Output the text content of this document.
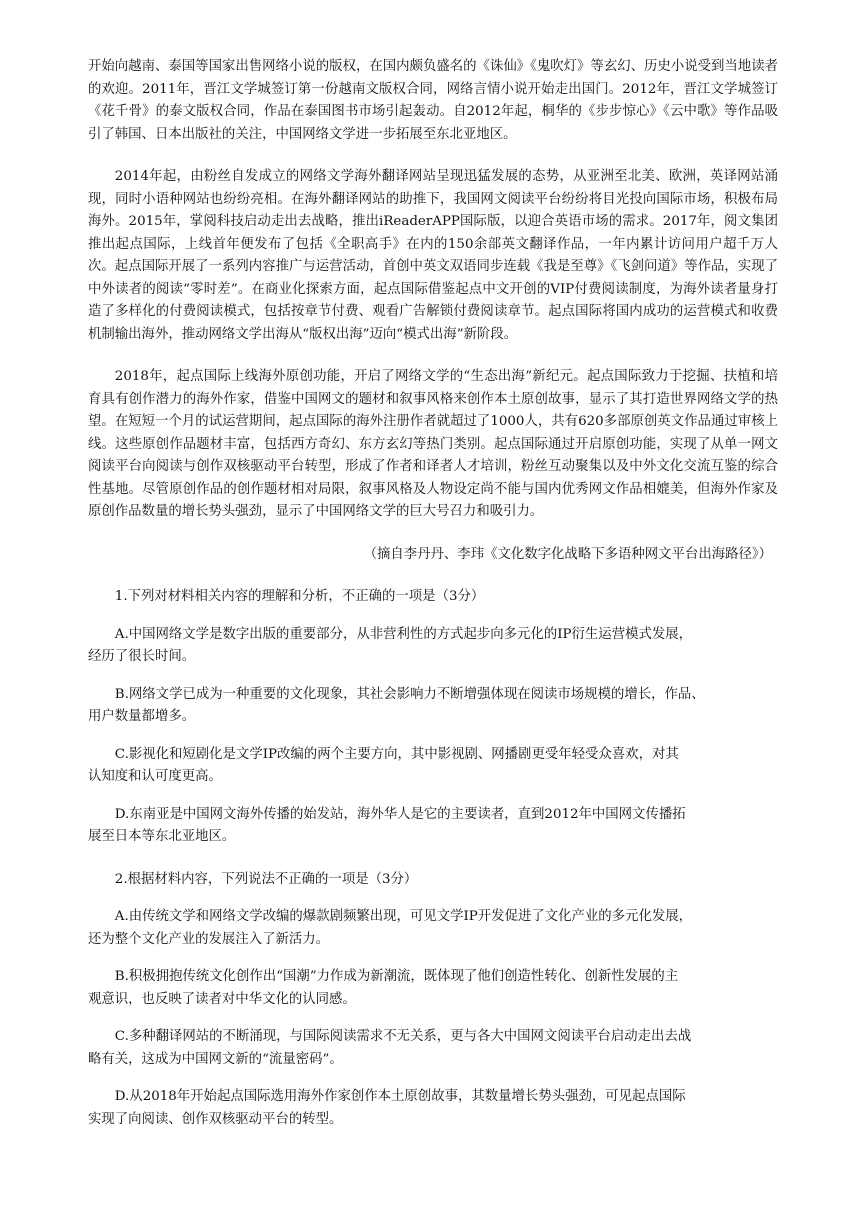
开始向越南、泰国等国家出售网络小说的版权，在国内颇负盛名的《诛仙》《鬼吹灯》等玄幻、历史小说受到当地读者的欢迎。2011年，晋江文学城签订第一份越南文版权合同，网络言情小说开始走出国门。2012年，晋江文学城签订《花千骨》的泰文版权合同，作品在泰国图书市场引起轰动。自2012年起，桐华的《步步惊心》《云中歌》等作品吸引了韩国、日本出版社的关注，中国网络文学进一步拓展至东北亚地区。

2014年起，由粉丝自发成立的网络文学海外翻译网站呈现迅猛发展的态势，从亚洲至北美、欧洲，英译网站涌现，同时小语种网站也纷纷亮相。在海外翻译网站的助推下，我国网文阅读平台纷纷将目光投向国际市场，积极布局海外。2015年，掌阅科技启动走出去战略，推出iReaderAPP国际版，以迎合英语市场的需求。2017年，阅文集团推出起点国际，上线首年便发布了包括《全职高手》在内的150余部英文翻译作品，一年内累计访问用户超千万人次。起点国际开展了一系列内容推广与运营活动，首创中英文双语同步连载《我是至尊》《飞剑问道》等作品，实现了中外读者的阅读“零时差”。在商业化探索方面，起点国际借鉴起点中文开创的VIP付费阅读制度，为海外读者量身打造了多样化的付费阅读模式，包括按章节付费、观看广告解锁付费阅读章节。起点国际将国内成功的运营模式和收费机制输出海外，推动网络文学出海从“版权出海”迈向“模式出海”新阶段。

2018年，起点国际上线海外原创功能，开启了网络文学的“生态出海”新纪元。起点国际致力于挖掘、扶植和培育具有创作潜力的海外作家，借鉴中国网文的题材和叙事风格来创作本土原创故事，显示了其打造世界网络文学的热望。在短短一个月的试运营期间，起点国际的海外注册作者就超过了1000人，共有620多部原创英文作品通过审核上线。这些原创作品题材丰富，包括西方奇幻、东方玄幻等热门类别。起点国际通过开启原创功能，实现了从单一网文阅读平台向阅读与创作双核驱动平台转型，形成了作者和译者人才培训，粉丝互动聚集以及中外文化交流互鉴的综合性基地。尽管原创作品的创作题材相对局限，叙事风格及人物设定尚不能与国内优秀网文作品相媲美，但海外作家及原创作品数量的增长势头强劲，显示了中国网络文学的巨大号召力和吸引力。

（摘自李丹丹、李玮《文化数字化战略下多语种网文平台出海路径》）

1.下列对材料相关内容的理解和分析，不正确的一项是（3分）

A.中国网络文学是数字出版的重要部分，从非营利性的方式起步向多元化的IP衍生运营模式发展，
经历了很长时间。

B.网络文学已成为一种重要的文化现象，其社会影响力不断增强体现在阅读市场规模的增长，作品、
用户数量都增多。

C.影视化和短剧化是文学IP改编的两个主要方向，其中影视剧、网播剧更受年轻受众喜欢，对其
认知度和认可度更高。

D.东南亚是中国网文海外传播的始发站，海外华人是它的主要读者，直到2012年中国网文传播拓
展至日本等东北亚地区。

2.根据材料内容，下列说法不正确的一项是（3分）

A.由传统文学和网络文学改编的爆款剧频繁出现，可见文学IP开发促进了文化产业的多元化发展，
还为整个文化产业的发展注入了新活力。

B.积极拥抱传统文化创作出“国潮”力作成为新潮流，既体现了他们创造性转化、创新性发展的主
观意识，也反映了读者对中华文化的认同感。

C.多种翻译网站的不断涌现，与国际阅读需求不无关系，更与各大中国网文阅读平台启动走出去战
略有关，这成为中国网文新的“流量密码”。

D.从2018年开始起点国际选用海外作家创作本土原创故事，其数量增长势头强劲，可见起点国际
实现了向阅读、创作双核驱动平台的转型。
